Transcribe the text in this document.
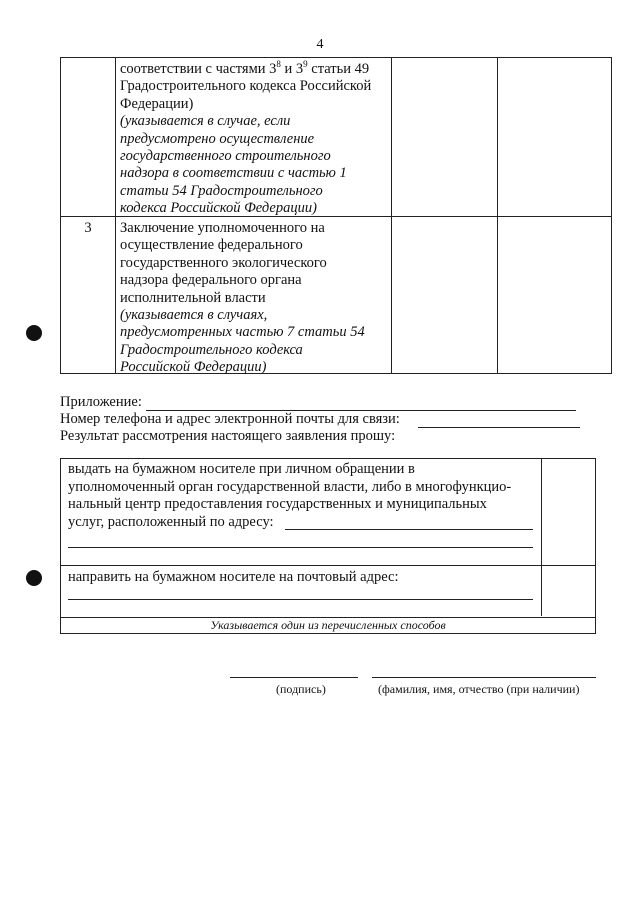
4
соответствии с частями $3^8$ и $3^9$ статьи 49
Градостроительного кодекса Российской
Федерации)
(указывается в случае, если
предусмотрено осуществление
государственного строительного
надзора в соответствии с частью 1
статьи 54 Градостроительного
кодекса Российской Федерации)
3	Заключение уполномоченного на
осуществление федерального
государственного экологического
надзора федерального органа
исполнительной власти
(указывается в случаях,
предусмотренных частью 7 статьи 54
Градостроительного кодекса
Российской Федерации)
Приложение:
Номер телефона и адрес электронной почты для связи:
Результат рассмотрения настоящего заявления прошу:
выдать на бумажном носителе при личном обращении в
уполномоченный орган государственной власти, либо в многофункцио-
нальный центр предоставления государственных и муниципальных
услуг, расположенный по адресу:
направить на бумажном носителе на почтовый адрес:
Указывается один из перечисленных способов
(подпись)	(фамилия, имя, отчество (при наличии)
